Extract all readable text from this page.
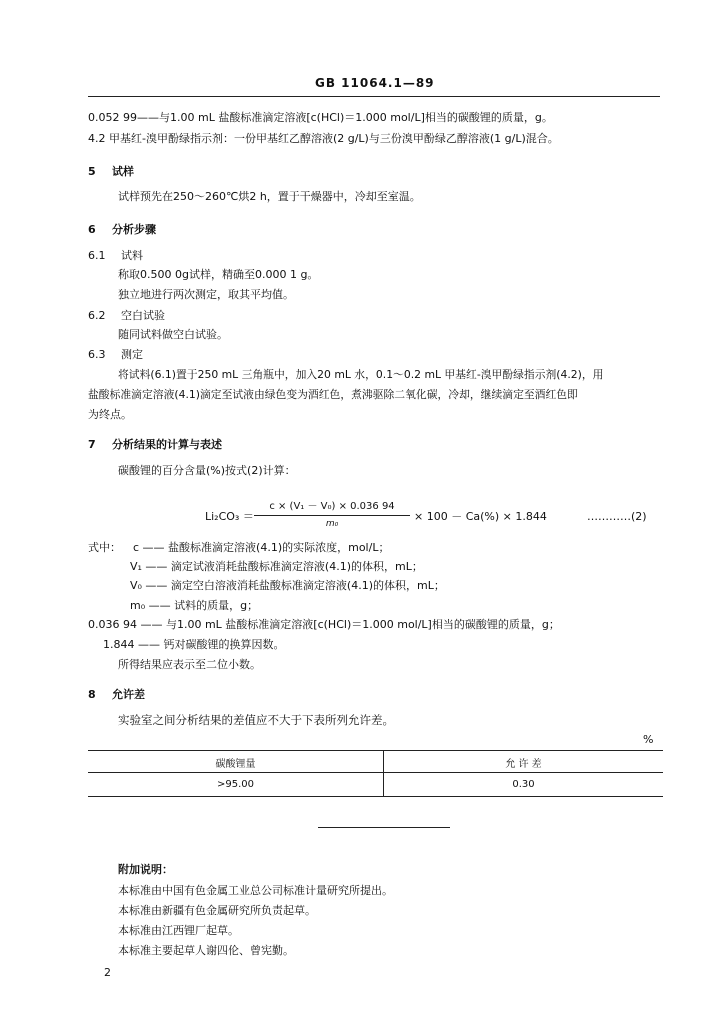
GB 11064.1—89
0.052 99——与1.00 mL 盐酸标准滴定溶液[c(HCl)＝1.000 mol/L]相当的碳酸锂的质量，g。
4.2 甲基红-溴甲酚绿指示剂：一份甲基红乙醇溶液(2 g/L)与三份溴甲酚绿乙醇溶液(1 g/L)混合。
5 试样
试样预先在250～260℃烘2 h，置于干燥器中，冷却至室温。
6 分析步骤
6.1 试料
称取0.500 0g试样，精确至0.000 1 g。
独立地进行两次测定，取其平均值。
6.2 空白试验
随同试料做空白试验。
6.3 测定
将试料(6.1)置于250 mL 三角瓶中，加入20 mL 水，0.1～0.2 mL 甲基红-溴甲酚绿指示剂(4.2)，用
盐酸标准滴定溶液(4.1)滴定至试液由绿色变为酒红色，煮沸驱除二氧化碳，冷却，继续滴定至酒红色即
为终点。
7 分析结果的计算与表述
碳酸锂的百分含量(%)按式(2)计算：
Li₂CO₃ ＝
c × (V₁ － V₀) × 0.036 94
m₀
× 100 － Ca(%) × 1.844	…………(2)
式中： c —— 盐酸标准滴定溶液(4.1)的实际浓度，mol/L；
V₁ —— 滴定试液消耗盐酸标准滴定溶液(4.1)的体积，mL；
V₀ —— 滴定空白溶液消耗盐酸标准滴定溶液(4.1)的体积，mL；
m₀ —— 试料的质量，g；
0.036 94 —— 与1.00 mL 盐酸标准滴定溶液[c(HCl)＝1.000 mol/L]相当的碳酸锂的质量，g；
1.844 —— 钙对碳酸锂的换算因数。
所得结果应表示至二位小数。
8 允许差
实验室之间分析结果的差值应不大于下表所列允许差。
%
碳酸锂量	允 许 差
>95.00	0.30
附加说明：
本标准由中国有色金属工业总公司标准计量研究所提出。
本标准由新疆有色金属研究所负责起草。
本标准由江西锂厂起草。
本标准主要起草人谢四伦、曾宪勤。
2
